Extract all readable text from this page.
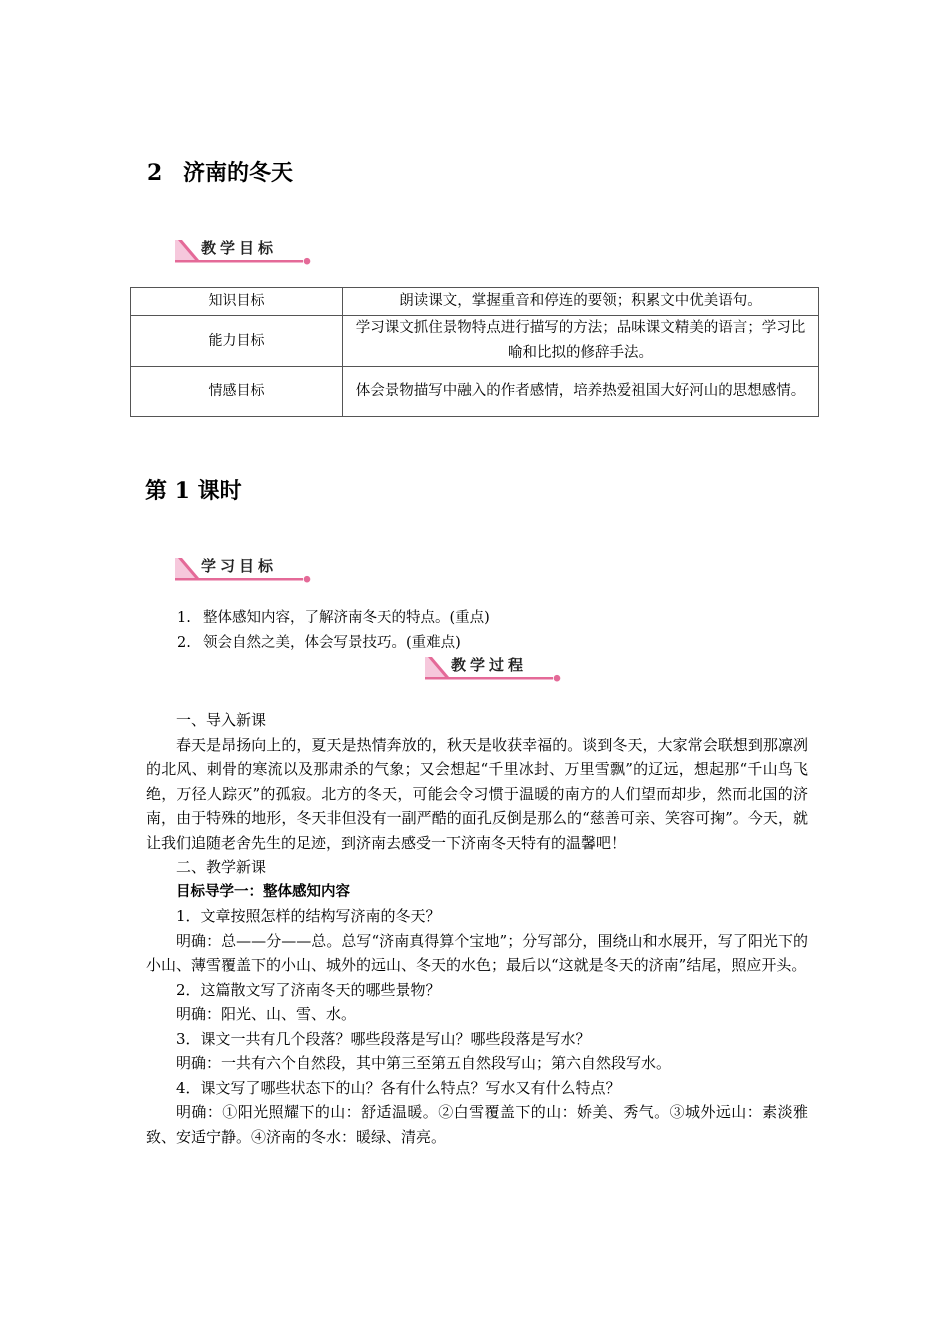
2 济南的冬天
教学目标
知识目标	朗读课文，掌握重音和停连的要领；积累文中优美语句。
能力目标	学习课文抓住景物特点进行描写的方法；品味课文精美的语言；学习比喻和比拟的修辞手法。
情感目标	体会景物描写中融入的作者感情，培养热爱祖国大好河山的思想感情。
第 1 课时
学习目标
1. 整体感知内容，了解济南冬天的特点。(重点)
2. 领会自然之美，体会写景技巧。(重难点)
教学过程

一、导入新课

春天是昂扬向上的，夏天是热情奔放的，秋天是收获幸福的。谈到冬天，大家常会联想到那凛冽的北风、刺骨的寒流以及那肃杀的气象；又会想起“千里冰封、万里雪飘”的辽远，想起那“千山鸟飞绝，万径人踪灭”的孤寂。北方的冬天，可能会令习惯于温暖的南方的人们望而却步，然而北国的济南，由于特殊的地形，冬天非但没有一副严酷的面孔反倒是那么的“慈善可亲、笑容可掬”。今天，就让我们追随老舍先生的足迹，到济南去感受一下济南冬天特有的温馨吧！

二、教学新课

目标导学一：整体感知内容

1．文章按照怎样的结构写济南的冬天？

明确：总——分——总。总写“济南真得算个宝地”；分写部分，围绕山和水展开，写了阳光下的小山、薄雪覆盖下的小山、城外的远山、冬天的水色；最后以“这就是冬天的济南”结尾，照应开头。

2．这篇散文写了济南冬天的哪些景物？

明确：阳光、山、雪、水。

3．课文一共有几个段落？哪些段落是写山？哪些段落是写水？

明确：一共有六个自然段，其中第三至第五自然段写山；第六自然段写水。

4．课文写了哪些状态下的山？各有什么特点？写水又有什么特点？

明确：①阳光照耀下的山：舒适温暖。②白雪覆盖下的山：娇美、秀气。③城外远山：素淡雅致、安适宁静。④济南的冬水：暖绿、清亮。
